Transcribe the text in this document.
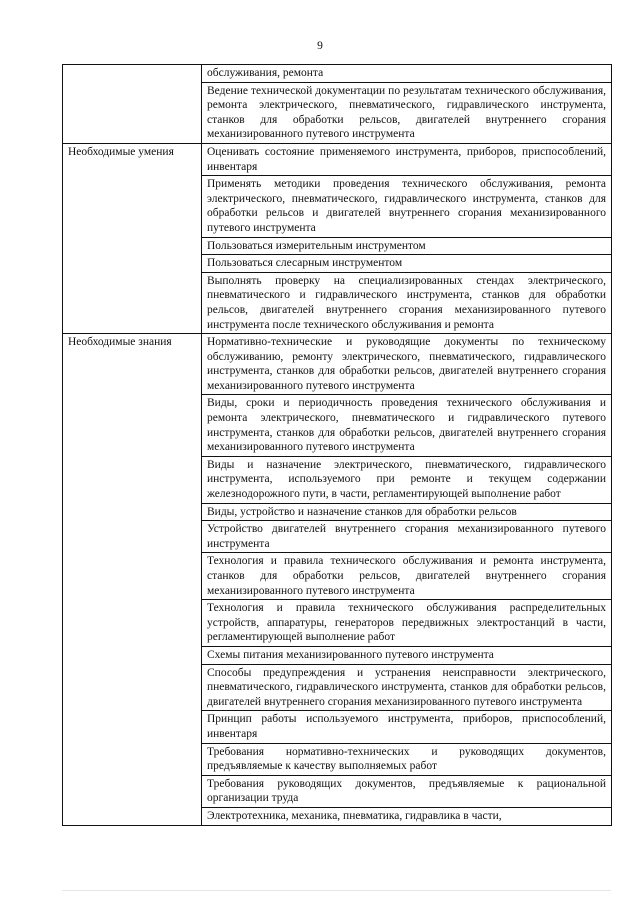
9
	обслуживания, ремонта
	Ведение технической документации по результатам технического обслуживания, ремонта электрического, пневматического, гидравлического инструмента, станков для обработки рельсов, двигателей внутреннего сгорания механизированного путевого инструмента
Необходимые умения	Оценивать состояние применяемого инструмента, приборов, приспособлений, инвентаря
	Применять методики проведения технического обслуживания, ремонта электрического, пневматического, гидравлического инструмента, станков для обработки рельсов и двигателей внутреннего сгорания механизированного путевого инструмента
	Пользоваться измерительным инструментом
	Пользоваться слесарным инструментом
	Выполнять проверку на специализированных стендах электрического, пневматического и гидравлического инструмента, станков для обработки рельсов, двигателей внутреннего сгорания механизированного путевого инструмента после технического обслуживания и ремонта
Необходимые знания	Нормативно-технические и руководящие документы по техническому обслуживанию, ремонту электрического, пневматического, гидравлического инструмента, станков для обработки рельсов, двигателей внутреннего сгорания механизированного путевого инструмента
	Виды, сроки и периодичность проведения технического обслуживания и ремонта электрического, пневматического и гидравлического путевого инструмента, станков для обработки рельсов, двигателей внутреннего сгорания механизированного путевого инструмента
	Виды и назначение электрического, пневматического, гидравлического инструмента, используемого при ремонте и текущем содержании железнодорожного пути, в части, регламентирующей выполнение работ
	Виды, устройство и назначение станков для обработки рельсов
	Устройство двигателей внутреннего сгорания механизированного путевого инструмента
	Технология и правила технического обслуживания и ремонта инструмента, станков для обработки рельсов, двигателей внутреннего сгорания механизированного путевого инструмента
	Технология и правила технического обслуживания распределительных устройств, аппаратуры, генераторов передвижных электростанций в части, регламентирующей выполнение работ
	Схемы питания механизированного путевого инструмента
	Способы предупреждения и устранения неисправности электрического, пневматического, гидравлического инструмента, станков для обработки рельсов, двигателей внутреннего сгорания механизированного путевого инструмента
	Принцип работы используемого инструмента, приборов, приспособлений, инвентаря
	Требования нормативно-технических и руководящих документов, предъявляемые к качеству выполняемых работ
	Требования руководящих документов, предъявляемые к рациональной организации труда
	Электротехника, механика, пневматика, гидравлика в части,
